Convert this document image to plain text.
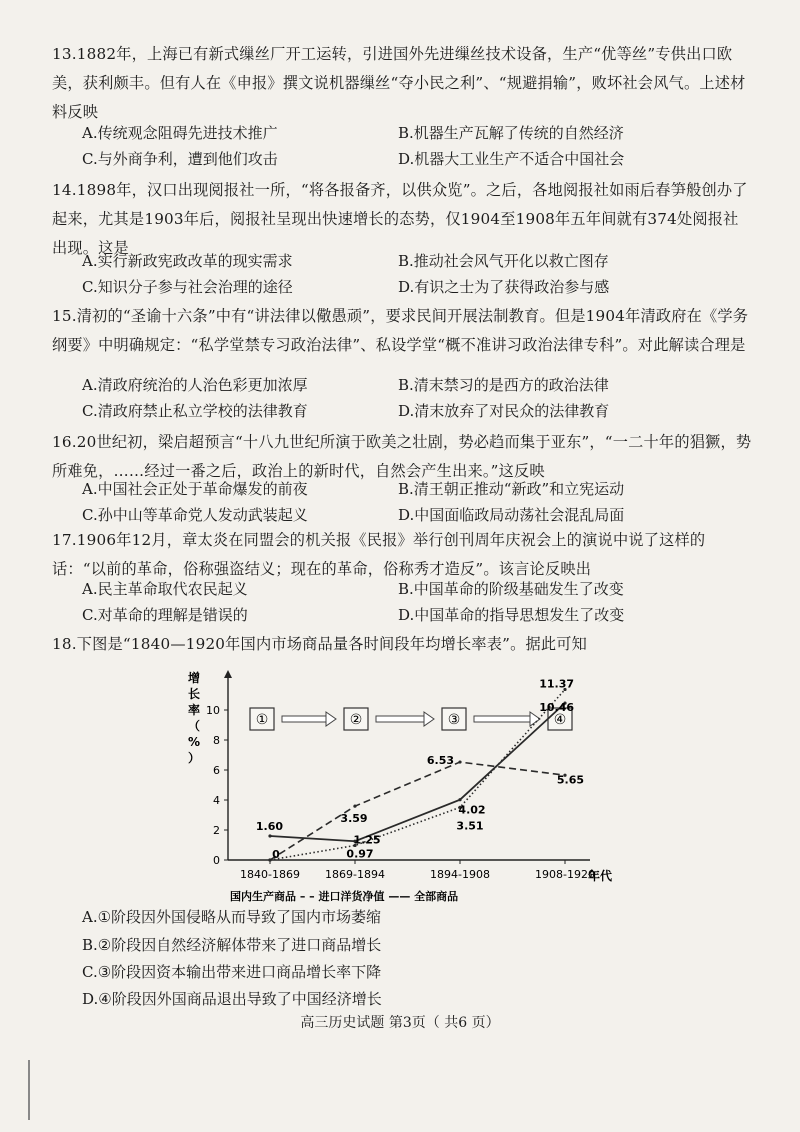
13.1882年，上海已有新式缫丝厂开工运转，引进国外先进缫丝技术设备，生产“优等丝”专供出口欧美，获利颇丰。但有人在《申报》撰文说机器缫丝“夺小民之利”、“规避捐输”，败坏社会风气。上述材料反映
A.传统观念阻碍先进技术推广	B.机器生产瓦解了传统的自然经济
C.与外商争利，遭到他们攻击	D.机器大工业生产不适合中国社会
14.1898年，汉口出现阅报社一所，“将各报备齐，以供众览”。之后，各地阅报社如雨后春笋般创办了起来，尤其是1903年后，阅报社呈现出快速增长的态势，仅1904至1908年五年间就有374处阅报社出现。这是
A.实行新政宪政改革的现实需求	B.推动社会风气开化以救亡图存
C.知识分子参与社会治理的途径	D.有识之士为了获得政治参与感
15.清初的“圣谕十六条”中有“讲法律以儆愚顽”，要求民间开展法制教育。但是1904年清政府在《学务纲要》中明确规定：“私学堂禁专习政治法律”、私设学堂“概不准讲习政治法律专科”。对此解读合理是
A.清政府统治的人治色彩更加浓厚	B.清末禁习的是西方的政治法律
C.清政府禁止私立学校的法律教育	D.清末放弃了对民众的法律教育
16.20世纪初，梁启超预言“十八九世纪所演于欧美之壮剧，势必趋而集于亚东”，“一二十年的猖獗，势所难免，……经过一番之后，政治上的新时代，自然会产生出来。”这反映
A.中国社会正处于革命爆发的前夜	B.清王朝正推动“新政”和立宪运动
C.孙中山等革命党人发动武装起义	D.中国面临政局动荡社会混乱局面
17.1906年12月，章太炎在同盟会的机关报《民报》举行创刊周年庆祝会上的演说中说了这样的话：“以前的革命，俗称强盗结义；现在的革命，俗称秀才造反”。该言论反映出
A.民主革命取代农民起义	B.中国革命的阶级基础发生了改变
C.对革命的理解是错误的	D.中国革命的指导思想发生了改变
18.下图是“1840—1920年国内市场商品量各时间段年均增长率表”。据此可知
增长率（%）
年代
国内生产商品 – – 进口洋货净值 —— 全部商品
0
2
4
6
8
10
1840-1869 1869-1894	1894-1908	1908-1920
①	②	③	④
1.60
3.59
1.25
0.97
6.53
4.02
3.51
11.37
10.46
5.65
0
A.①阶段因外国侵略从而导致了国内市场萎缩
B.②阶段因自然经济解体带来了进口商品增长
C.③阶段因资本输出带来进口商品增长率下降
D.④阶段因外国商品退出导致了中国经济增长
高三历史试题 第3页（ 共6 页）
